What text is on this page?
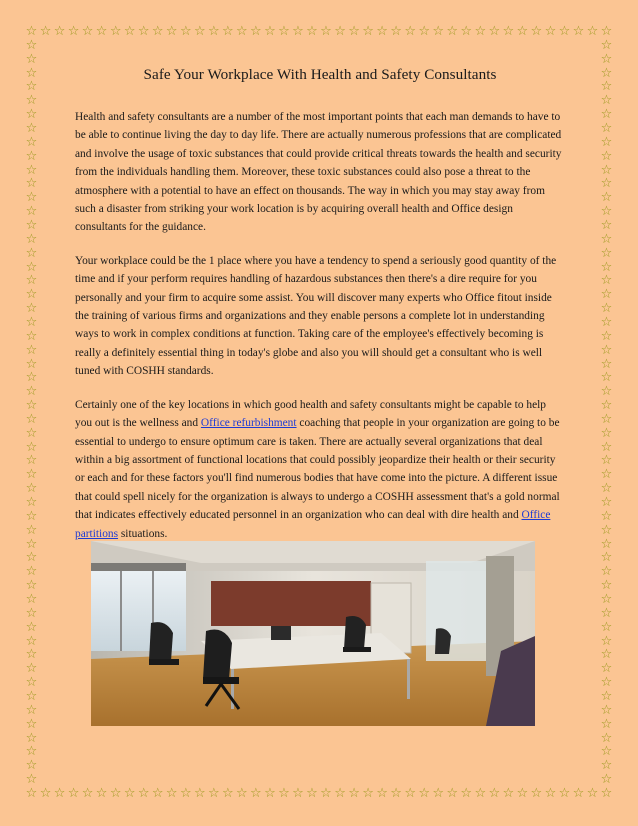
☆
☆
☆
☆
☆
☆
☆
☆
☆
☆
☆
☆
☆
☆
☆
☆
☆
☆
☆
☆
☆
☆
☆
☆
☆
☆
☆
☆
☆
☆
☆
☆
☆
☆
☆
☆
☆
☆
☆
☆
☆
☆
☆
☆
☆
☆
☆
☆
☆
☆
☆
☆
☆
☆
☆
☆
☆
☆
☆
☆
☆
☆
☆
☆
☆
☆
☆
☆
☆
☆
☆
☆
☆
☆
☆
☆
☆
☆
☆
☆
☆
☆
☆
☆
☆	☆
☆	☆
☆	☆
☆	☆
☆	☆
☆	☆
☆	☆
☆	☆
☆	☆
☆	☆
☆	☆
☆	☆
☆	☆
☆	☆
☆	☆
☆	☆
☆	☆
☆	☆
☆	☆
☆	☆
☆	☆
☆	☆
☆	☆
☆	☆
☆	☆
☆	☆
☆	☆
☆	☆
☆	☆
☆	☆
☆	☆
☆	☆
☆	☆
☆	☆
☆	☆
☆	☆
☆	☆
☆	☆
☆	☆
☆	☆
☆	☆
☆	☆
☆	☆
☆	☆
☆	☆
☆	☆
☆	☆
☆	☆
☆	☆
☆	☆
☆	☆
☆	☆
☆	☆
☆	☆
Safe Your Workplace With Health and Safety Consultants

Health and safety consultants are a number of the most important points that each man demands to have to be able to continue living the day to day life. There are actually numerous professions that are complicated and involve the usage of toxic substances that could provide critical threats towards the health and security from the individuals handling them. Moreover, these toxic substances could also pose a threat to the atmosphere with a potential to have an effect on thousands. The way in which you may stay away from such a disaster from striking your work location is by acquiring overall health and Office design consultants for the guidance.

Your workplace could be the 1 place where you have a tendency to spend a seriously good quantity of the time and if your perform requires handling of hazardous substances then there's a dire require for you personally and your firm to acquire some assist. You will discover many experts who Office fitout inside the training of various firms and organizations and they enable persons a complete lot in understanding ways to work in complex conditions at function. Taking care of the employee's effectively becoming is really a definitely essential thing in today's globe and also you will should get a consultant who is well tuned with COSHH standards.

Certainly one of the key locations in which good health and safety consultants might be capable to help you out is the wellness and Office refurbishment coaching that people in your organization are going to be essential to undergo to ensure optimum care is taken. There are actually several organizations that deal within a big assortment of functional locations that could possibly jeopardize their health or their security or each and for these factors you'll find numerous bodies that have come into the picture. A different issue that could spell nicely for the organization is always to undergo a COSHH assessment that's a gold normal that indicates effectively educated personnel in an organization who can deal with dire health and Office partitions situations.
